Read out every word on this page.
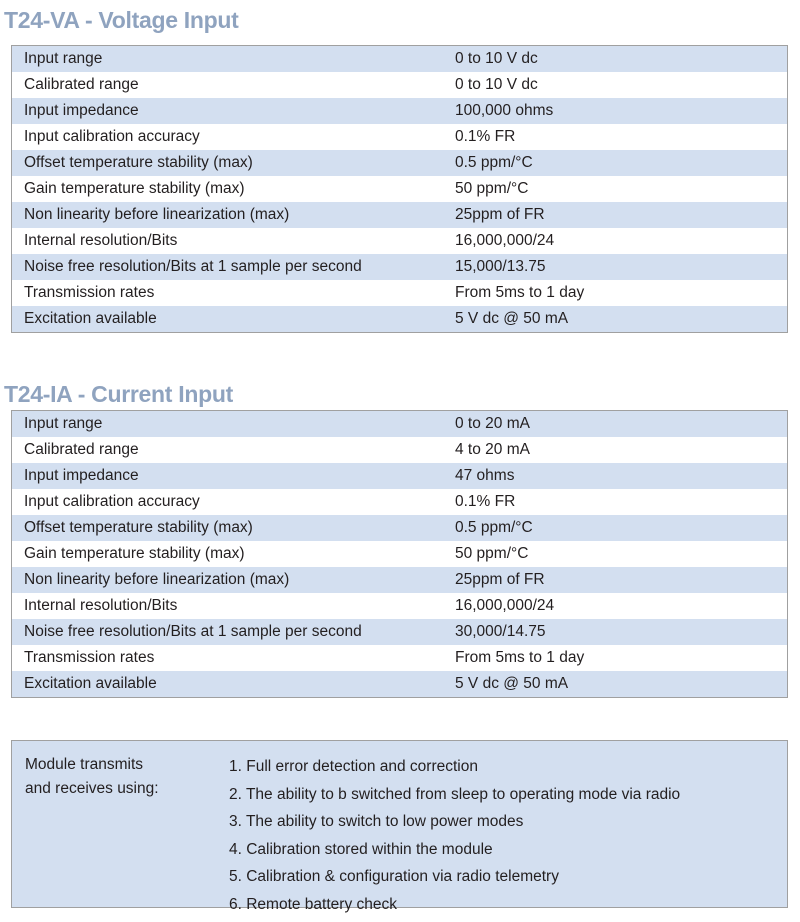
T24-VA - Voltage Input
Input range	0 to 10 V dc
Calibrated range	0 to 10 V dc
Input impedance	100,000 ohms
Input calibration accuracy	0.1% FR
Offset temperature stability (max)	0.5 ppm/°C
Gain temperature stability (max)	50 ppm/°C
Non linearity before linearization (max)	25ppm of FR
Internal resolution/Bits	16,000,000/24
Noise free resolution/Bits at 1 sample per second	15,000/13.75
Transmission rates	From 5ms to 1 day
Excitation available	5 V dc @ 50 mA
T24-IA - Current Input
Input range	0 to 20 mA
Calibrated range	4 to 20 mA
Input impedance	47 ohms
Input calibration accuracy	0.1% FR
Offset temperature stability (max)	0.5 ppm/°C
Gain temperature stability (max)	50 ppm/°C
Non linearity before linearization (max)	25ppm of FR
Internal resolution/Bits	16,000,000/24
Noise free resolution/Bits at 1 sample per second	30,000/14.75
Transmission rates	From 5ms to 1 day
Excitation available	5 V dc @ 50 mA
Module transmits
and receives using:
1. Full error detection and correction
2. The ability to b switched from sleep to operating mode via radio
3. The ability to switch to low power modes
4. Calibration stored within the module
5. Calibration & configuration via radio telemetry
6. Remote battery check
